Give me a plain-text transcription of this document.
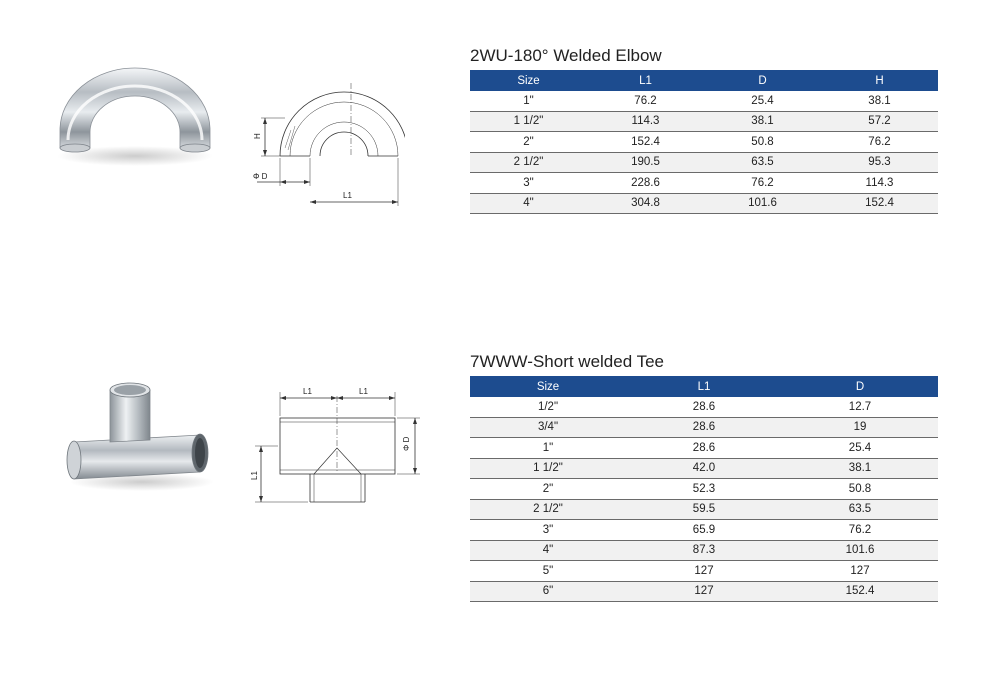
H
Φ D
L1
2WU-180° Welded Elbow
Size	L1	D	H
1"	76.2	25.4	38.1
1 1/2"	114.3	38.1	57.2
2"	152.4	50.8	76.2
2 1/2"	190.5	63.5	95.3
3"	228.6	76.2	114.3
4"	304.8	101.6	152.4
L1	L1
Φ D
L1
7WWW-Short welded Tee
Size	L1	D
1/2"	28.6	12.7
3/4"	28.6	19
1"	28.6	25.4
1 1/2"	42.0	38.1
2"	52.3	50.8
2 1/2"	59.5	63.5
3"	65.9	76.2
4"	87.3	101.6
5"	127	127
6"	127	152.4
